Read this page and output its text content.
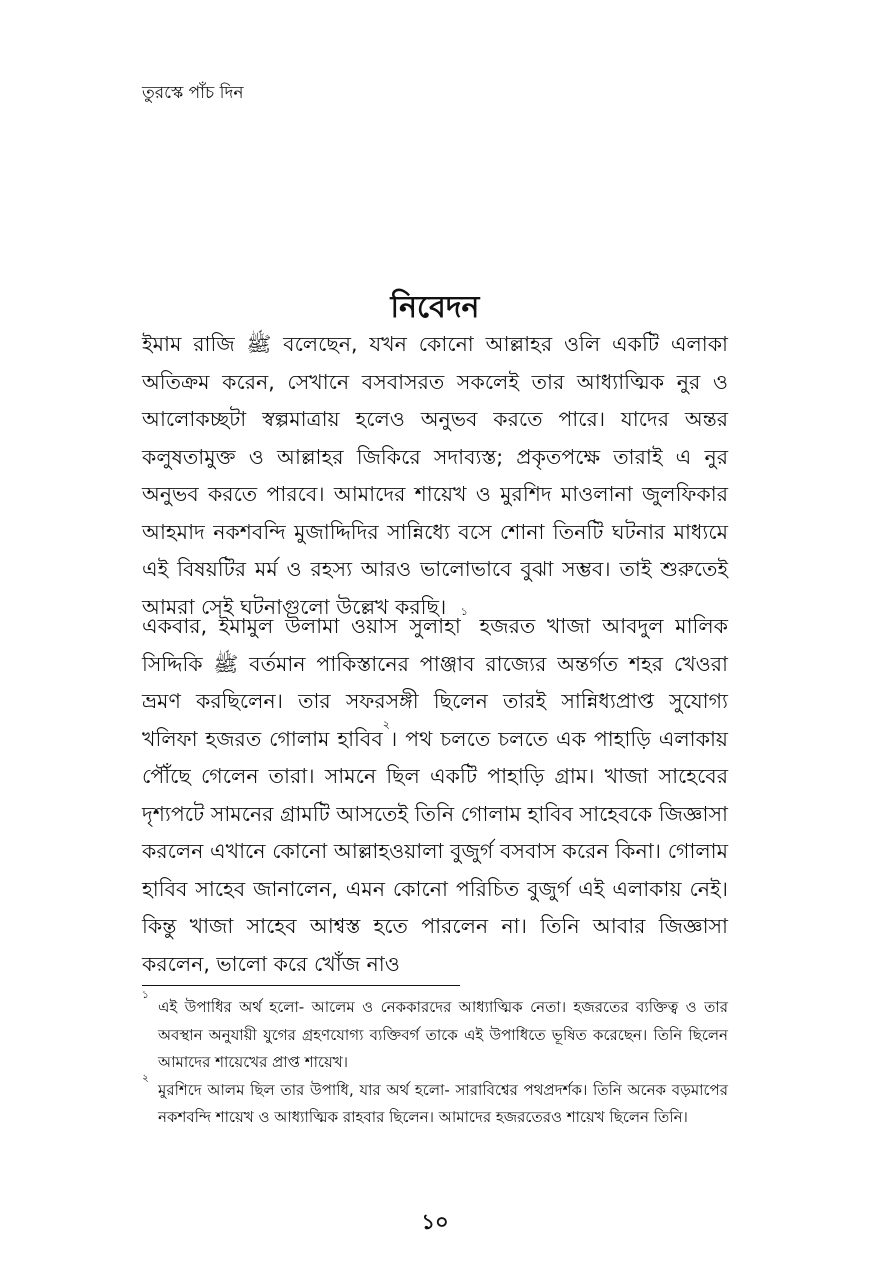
তুরস্কে পাঁচ দিন
নিবেদন

ইমাম রাজি ﷺ বলেছেন, যখন কোনো আল্লাহর ওলি একটি এলাকা অতিক্রম করেন, সেখানে বসবাসরত সকলেই তার আধ্যাত্মিক নুর ও আলোকচ্ছটা স্বল্পমাত্রায় হলেও অনুভব করতে পারে। যাদের অন্তর কলুষতামুক্ত ও আল্লাহর জিকিরে সদাব্যস্ত; প্রকৃতপক্ষে তারাই এ নুর অনুভব করতে পারবে। আমাদের শায়েখ ও মুরশিদ মাওলানা জুলফিকার আহমাদ নকশবন্দি মুজাদ্দিদির সান্নিধ্যে বসে শোনা তিনটি ঘটনার মাধ্যমে এই বিষয়টির মর্ম ও রহস্য আরও ভালোভাবে বুঝা সম্ভব। তাই শুরুতেই আমরা সেই ঘটনাগুলো উল্লেখ করছি।

একবার, ইমামুল উলামা ওয়াস সুলাহা$^১$ হজরত খাজা আবদুল মালিক সিদ্দিকি ﷺ বর্তমান পাকিস্তানের পাঞ্জাব রাজ্যের অন্তর্গত শহর খেওরা ভ্রমণ করছিলেন। তার সফরসঙ্গী ছিলেন তারই সান্নিধ্যপ্রাপ্ত সুযোগ্য খলিফা হজরত গোলাম হাবিব$^২$। পথ চলতে চলতে এক পাহাড়ি এলাকায় পৌঁছে গেলেন তারা। সামনে ছিল একটি পাহাড়ি গ্রাম। খাজা সাহেবের দৃশ্যপটে সামনের গ্রামটি আসতেই তিনি গোলাম হাবিব সাহেবকে জিজ্ঞাসা করলেন এখানে কোনো আল্লাহওয়ালা বুজুর্গ বসবাস করেন কিনা। গোলাম হাবিব সাহেব জানালেন, এমন কোনো পরিচিত বুজুর্গ এই এলাকায় নেই। কিন্তু খাজা সাহেব আশ্বস্ত হতে পারলেন না। তিনি আবার জিজ্ঞাসা করলেন, ভালো করে খোঁজ নাও

১
এই উপাধির অর্থ হলো- আলেম ও নেককারদের আধ্যাত্মিক নেতা। হজরতের ব্যক্তিত্ব ও তার অবস্থান অনুযায়ী যুগের গ্রহণযোগ্য ব্যক্তিবর্গ তাকে এই উপাধিতে ভূষিত করেছেন। তিনি ছিলেন আমাদের শায়েখের প্রাপ্ত শায়েখ।

২
মুরশিদে আলম ছিল তার উপাধি, যার অর্থ হলো- সারাবিশ্বের পথপ্রদর্শক। তিনি অনেক বড়মাপের নকশবন্দি শায়েখ ও আধ্যাত্মিক রাহবার ছিলেন। আমাদের হজরতেরও শায়েখ ছিলেন তিনি।

১০
